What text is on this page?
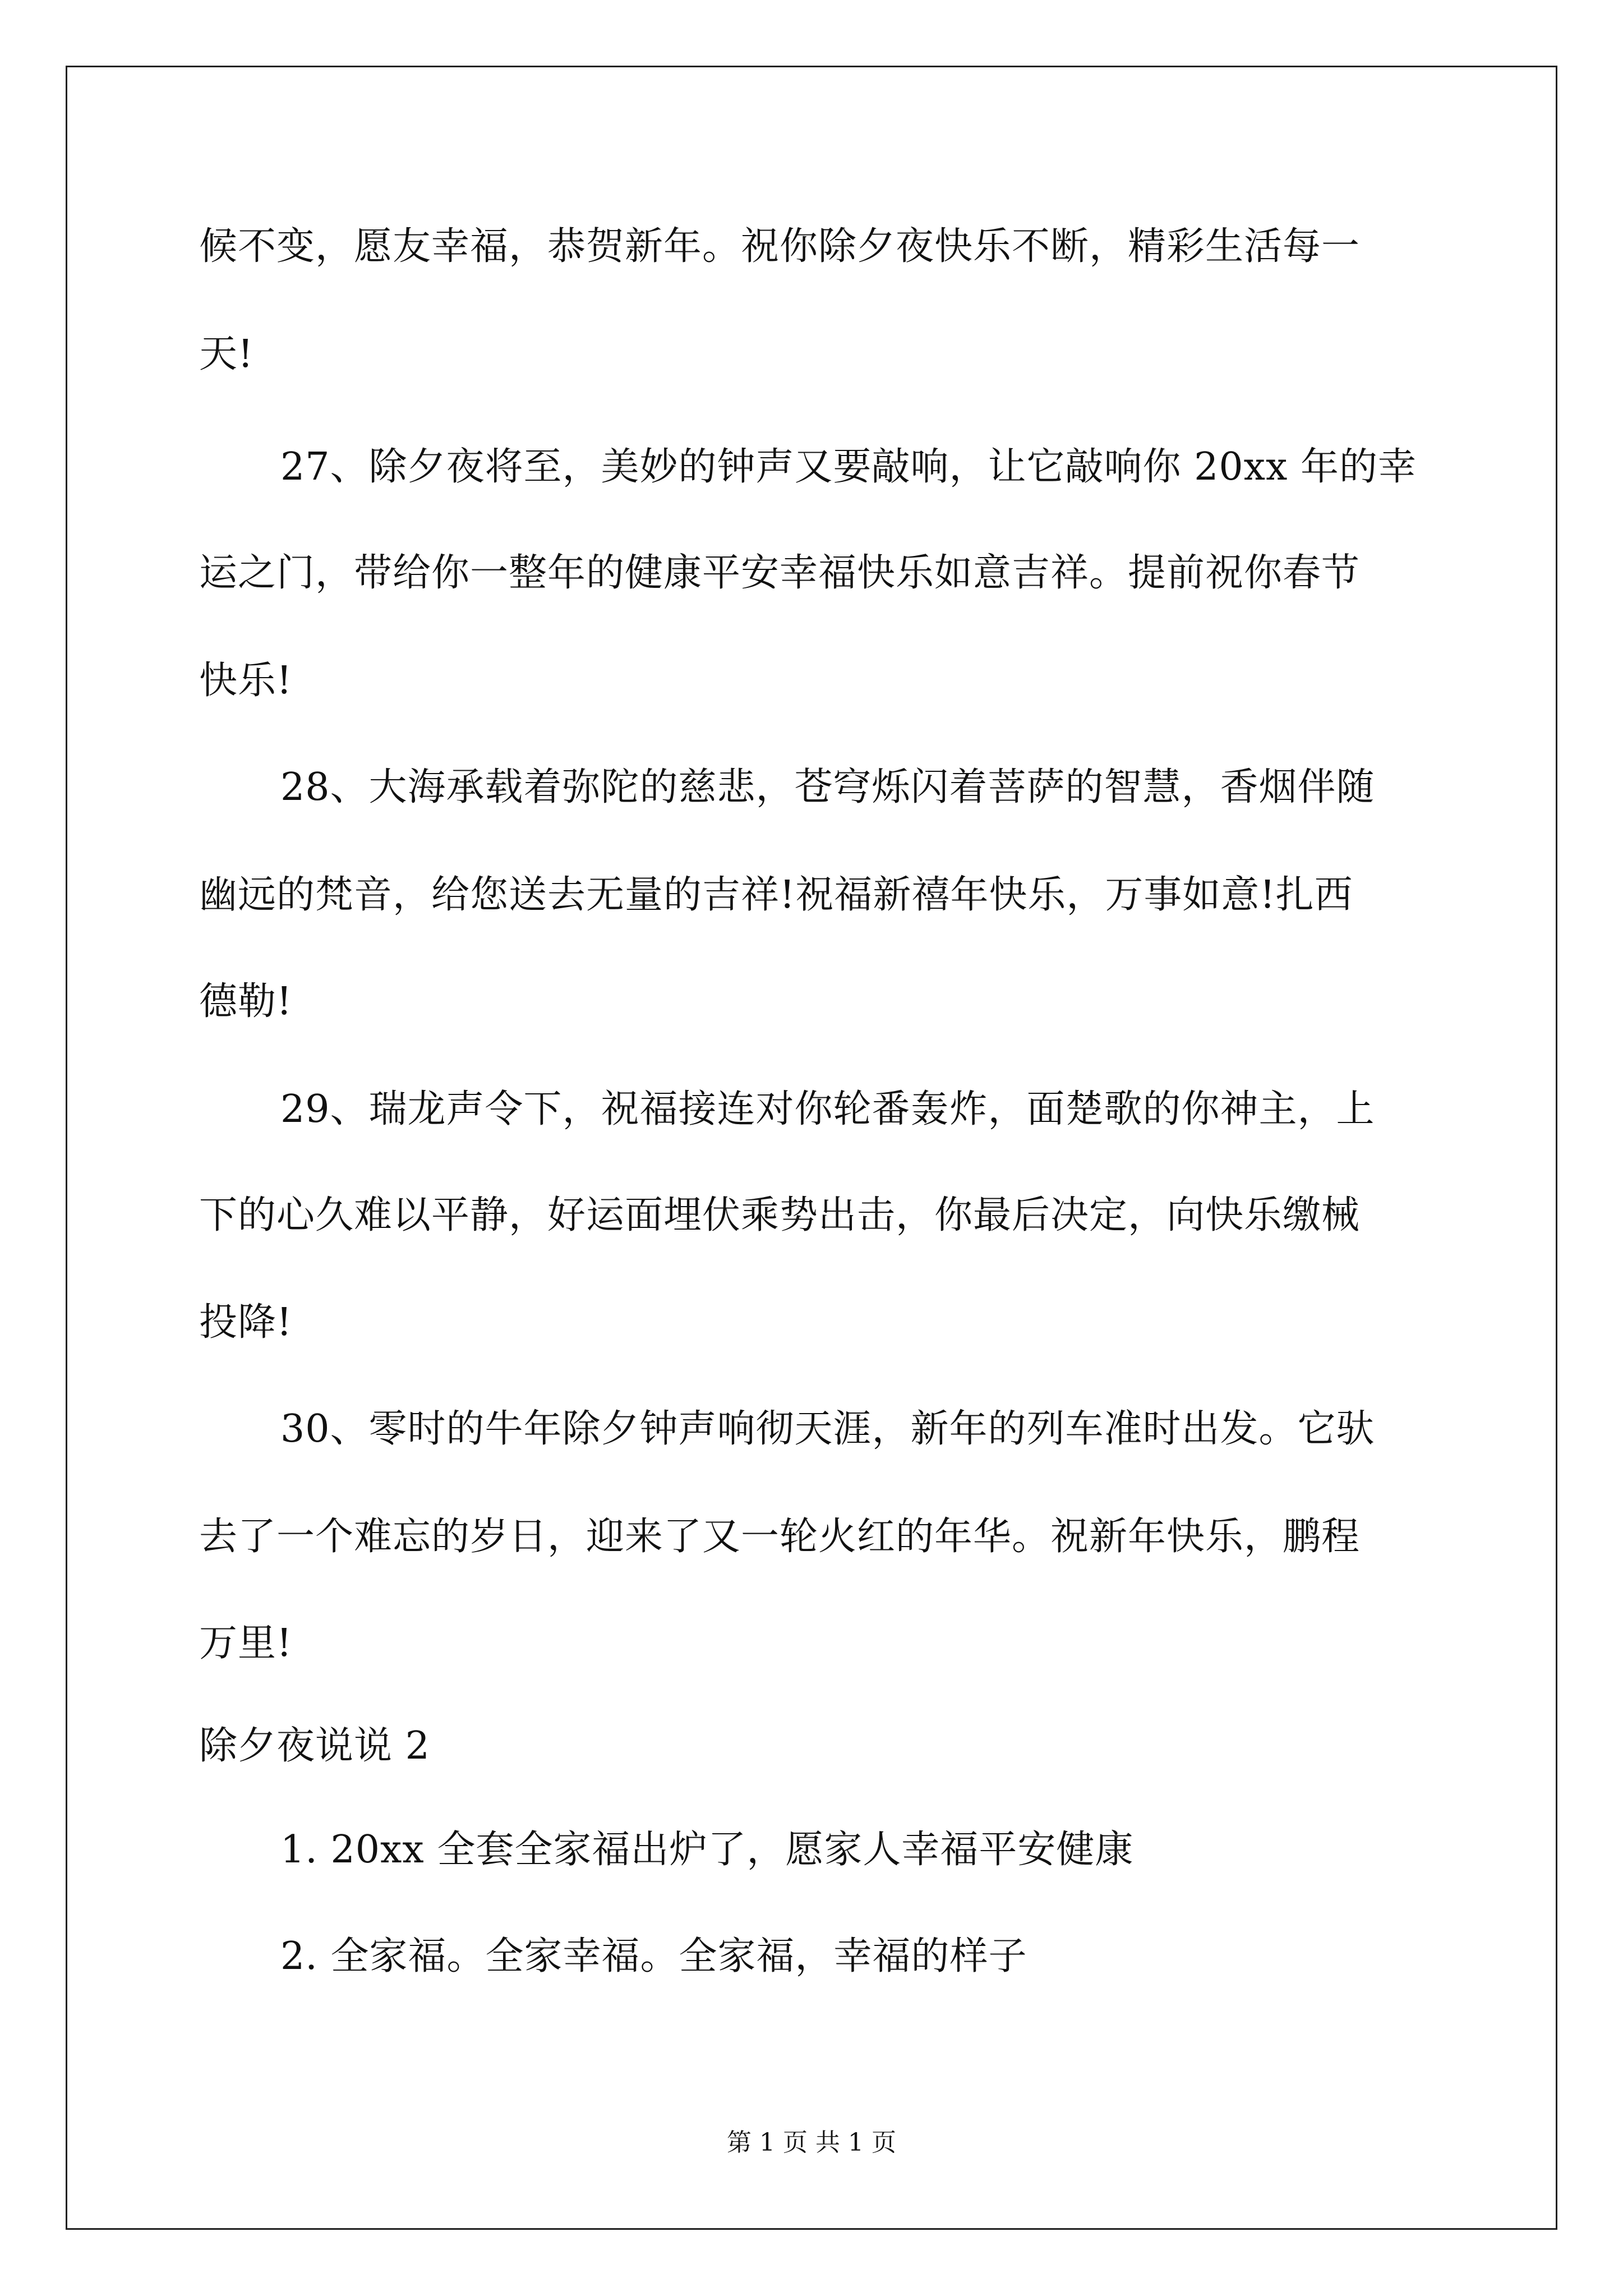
候不变，愿友幸福，恭贺新年。祝你除夕夜快乐不断，精彩生活每一
天!
27、除夕夜将至，美妙的钟声又要敲响，让它敲响你 20xx 年的幸
运之门，带给你一整年的健康平安幸福快乐如意吉祥。提前祝你春节
快乐!
28、大海承载着弥陀的慈悲，苍穹烁闪着菩萨的智慧，香烟伴随
幽远的梵音，给您送去无量的吉祥!祝福新禧年快乐，万事如意!扎西
德勒!
29、瑞龙声令下，祝福接连对你轮番轰炸，面楚歌的你神主，上
下的心久难以平静，好运面埋伏乘势出击，你最后决定，向快乐缴械
投降!
30、零时的牛年除夕钟声响彻天涯，新年的列车准时出发。它驮
去了一个难忘的岁日，迎来了又一轮火红的年华。祝新年快乐，鹏程
万里!
除夕夜说说 2
1. 20xx 全套全家福出炉了，愿家人幸福平安健康
2. 全家福。全家幸福。全家福，幸福的样子
第 1 页 共 1 页
